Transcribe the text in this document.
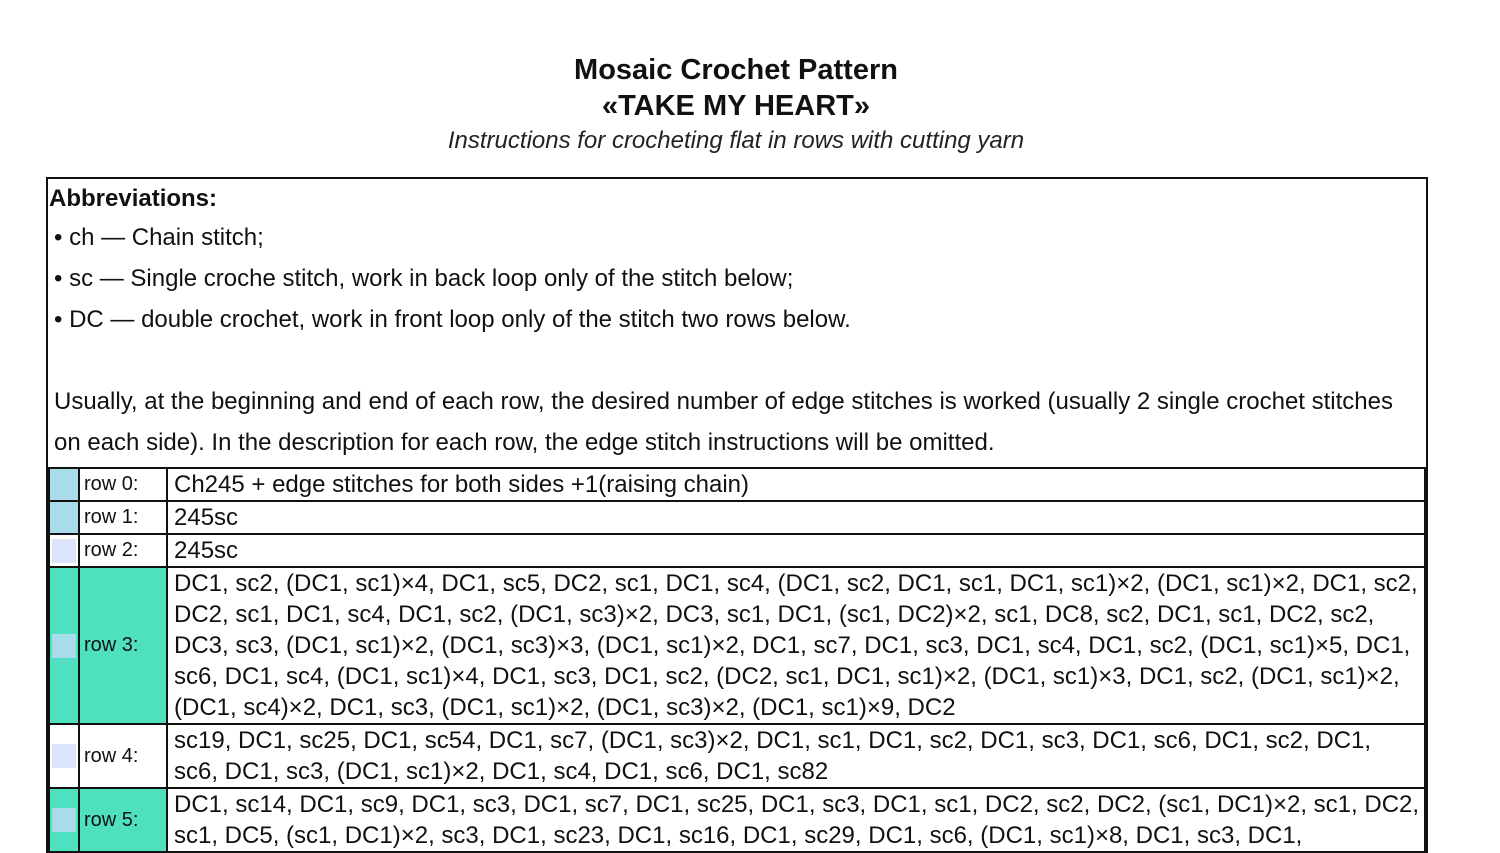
Mosaic Crochet Pattern
«TAKE MY HEART»
Instructions for crocheting flat in rows with cutting yarn
Abbreviations:
• ch — Chain stitch;
• sc — Single croche stitch, work in back loop only of the stitch below;
• DC — double crochet, work in front loop only of the stitch two rows below.
Usually, at the beginning and end of each row, the desired number of edge stitches is worked (usually 2 single crochet stitches on each side). In the description for each row, the edge stitch instructions will be omitted.
	row 0:	Ch245 + edge stitches for both sides +1(raising chain)
	row 1:	245sc

	row 2:	245sc

	row 3:	DC1, sc2, (DC1, sc1)×4, DC1, sc5, DC2, sc1, DC1, sc4, (DC1, sc2, DC1, sc1, DC1, sc1)×2, (DC1, sc1)×2, DC1, sc2, DC2, sc1, DC1, sc4, DC1, sc2, (DC1, sc3)×2, DC3, sc1, DC1, (sc1, DC2)×2, sc1, DC8, sc2, DC1, sc1, DC2, sc2, DC3, sc3, (DC1, sc1)×2, (DC1, sc3)×3, (DC1, sc1)×2, DC1, sc7, DC1, sc3, DC1, sc4, DC1, sc2, (DC1, sc1)×5, DC1, sc6, DC1, sc4, (DC1, sc1)×4, DC1, sc3, DC1, sc2, (DC2, sc1, DC1, sc1)×2, (DC1, sc1)×3, DC1, sc2, (DC1, sc1)×2, (DC1, sc4)×2, DC1, sc3, (DC1, sc1)×2, (DC1, sc3)×2, (DC1, sc1)×9, DC2

	row 4:	sc19, DC1, sc25, DC1, sc54, DC1, sc7, (DC1, sc3)×2, DC1, sc1, DC1, sc2, DC1, sc3, DC1, sc6, DC1, sc2, DC1, sc6, DC1, sc3, (DC1, sc1)×2, DC1, sc4, DC1, sc6, DC1, sc82

	row 5:	DC1, sc14, DC1, sc9, DC1, sc3, DC1, sc7, DC1, sc25, DC1, sc3, DC1, sc1, DC2, sc2, DC2, (sc1, DC1)×2, sc1, DC2, sc1, DC5, (sc1, DC1)×2, sc3, DC1, sc23, DC1, sc16, DC1, sc29, DC1, sc6, (DC1, sc1)×8, DC1, sc3, DC1,
